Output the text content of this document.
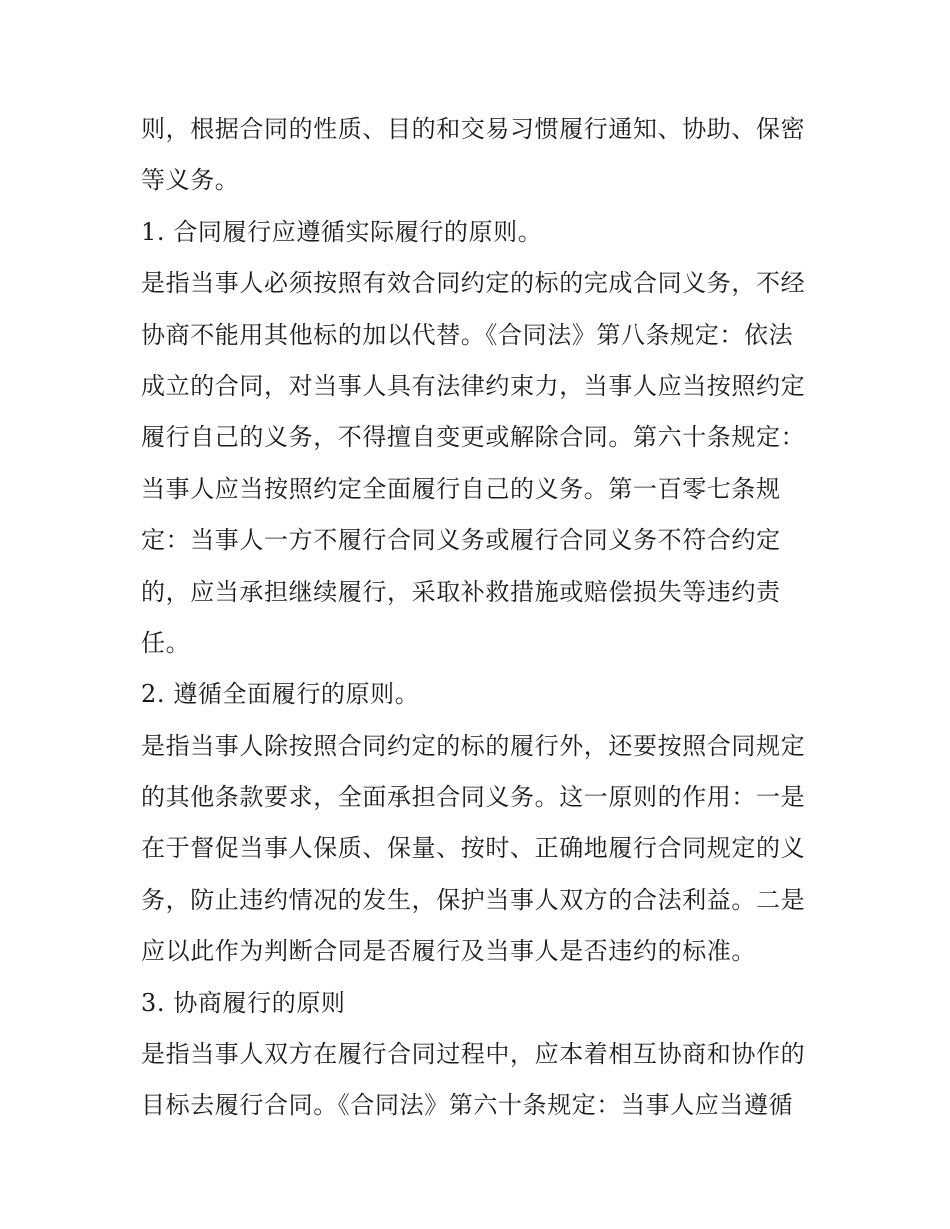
则，根据合同的性质、目的和交易习惯履行通知、协助、保密
等义务。
1. 合同履行应遵循实际履行的原则。
是指当事人必须按照有效合同约定的标的完成合同义务，不经
协商不能用其他标的加以代替。《合同法》第八条规定：依法
成立的合同，对当事人具有法律约束力，当事人应当按照约定
履行自己的义务，不得擅自变更或解除合同。第六十条规定：
当事人应当按照约定全面履行自己的义务。第一百零七条规
定：当事人一方不履行合同义务或履行合同义务不符合约定
的，应当承担继续履行，采取补救措施或赔偿损失等违约责
任。
2. 遵循全面履行的原则。
是指当事人除按照合同约定的标的履行外，还要按照合同规定
的其他条款要求，全面承担合同义务。这一原则的作用：一是
在于督促当事人保质、保量、按时、正确地履行合同规定的义
务，防止违约情况的发生，保护当事人双方的合法利益。二是
应以此作为判断合同是否履行及当事人是否违约的标准。
3. 协商履行的原则
是指当事人双方在履行合同过程中，应本着相互协商和协作的
目标去履行合同。《合同法》第六十条规定：当事人应当遵循
